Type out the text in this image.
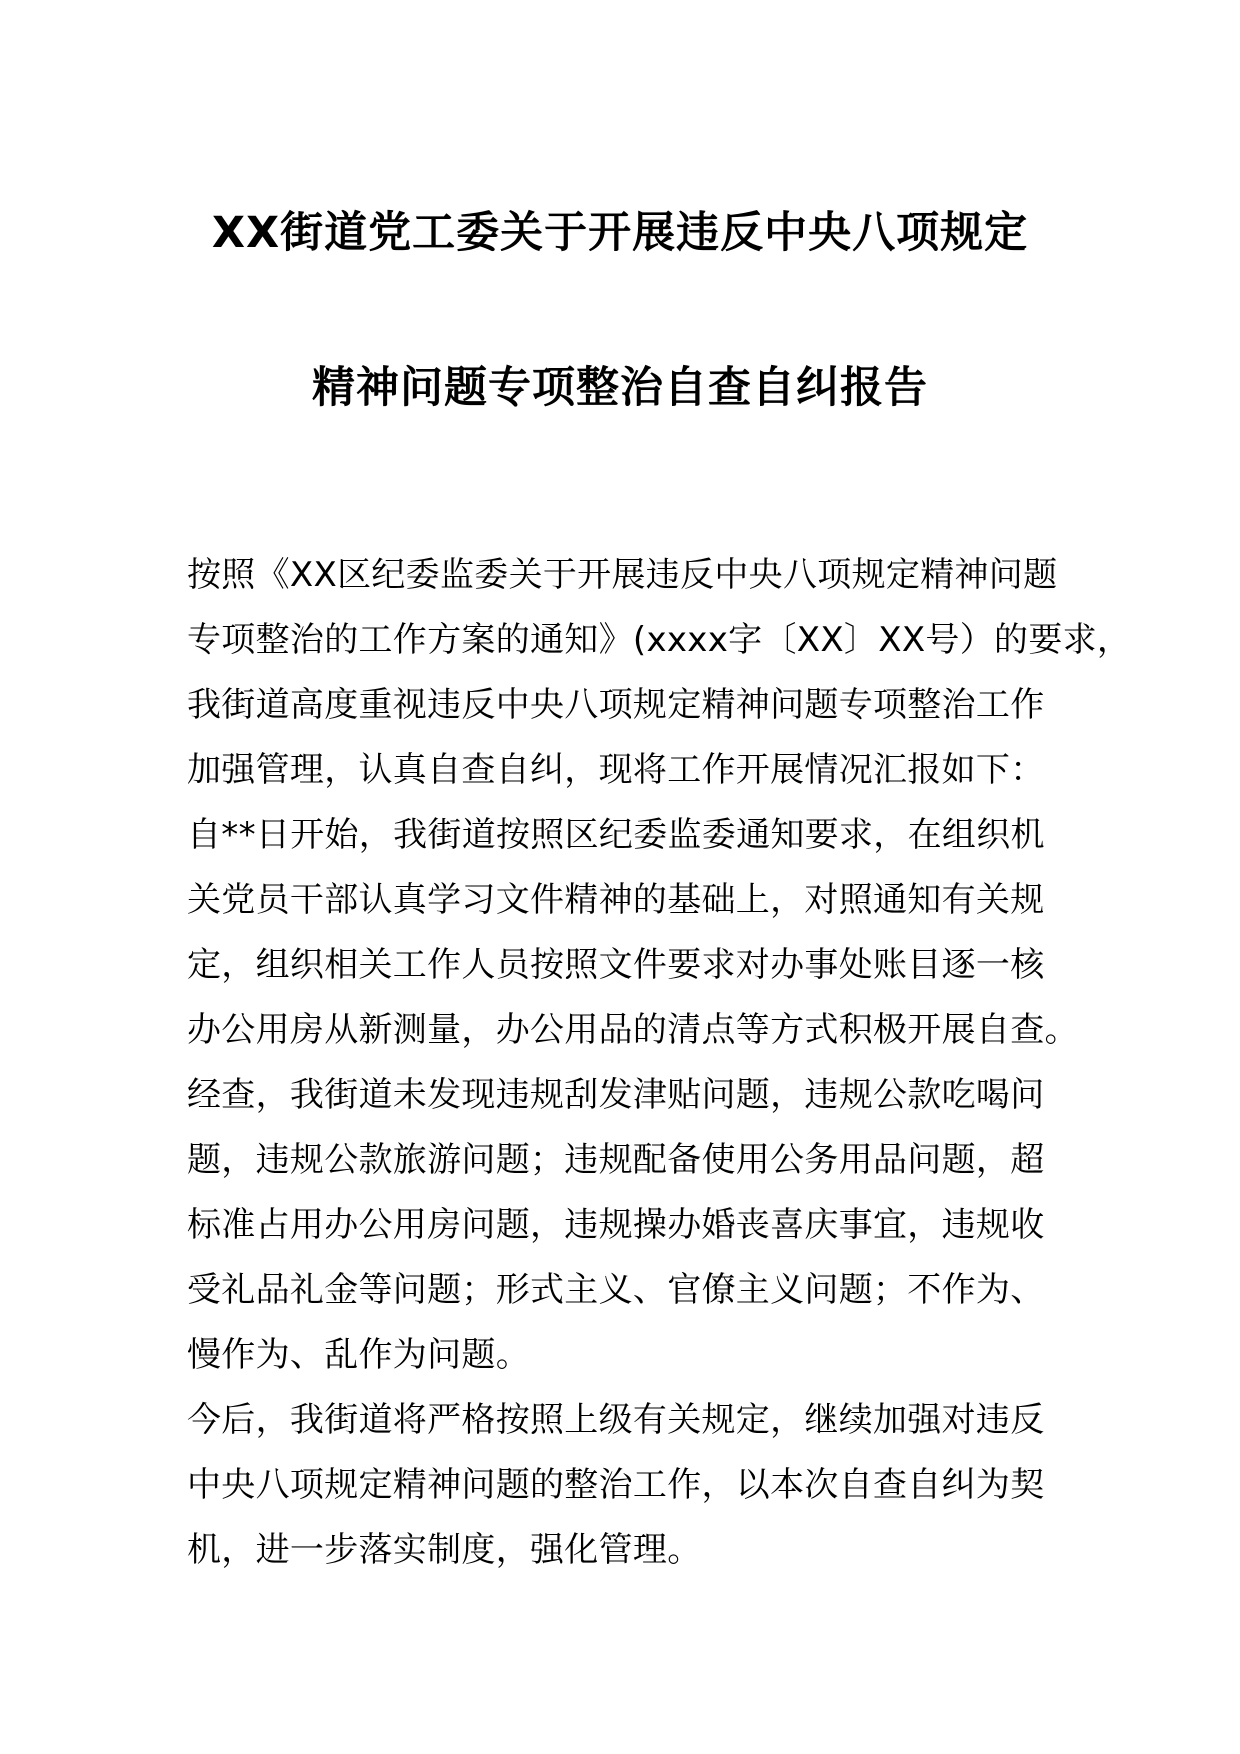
XX街道党工委关于开展违反中央八项规定
精神问题专项整治自查自纠报告
按照《XX区纪委监委关于开展违反中央八项规定精神问题
专项整治的工作方案的通知》(xxxx字〔XX〕XX号）的要求，
我街道高度重视违反中央八项规定精神问题专项整治工作
加强管理，认真自查自纠，现将工作开展情况汇报如下：
自**日开始，我街道按照区纪委监委通知要求，在组织机
关党员干部认真学习文件精神的基础上，对照通知有关规
定，组织相关工作人员按照文件要求对办事处账目逐一核
办公用房从新测量，办公用品的清点等方式积极开展自查。
经查，我街道未发现违规刮发津贴问题，违规公款吃喝问
题，违规公款旅游问题；违规配备使用公务用品问题，超
标准占用办公用房问题，违规操办婚丧喜庆事宜，违规收
受礼品礼金等问题；形式主义、官僚主义问题；不作为、
慢作为、乱作为问题。
今后，我街道将严格按照上级有关规定，继续加强对违反
中央八项规定精神问题的整治工作，以本次自查自纠为契
机，进一步落实制度，强化管理。
